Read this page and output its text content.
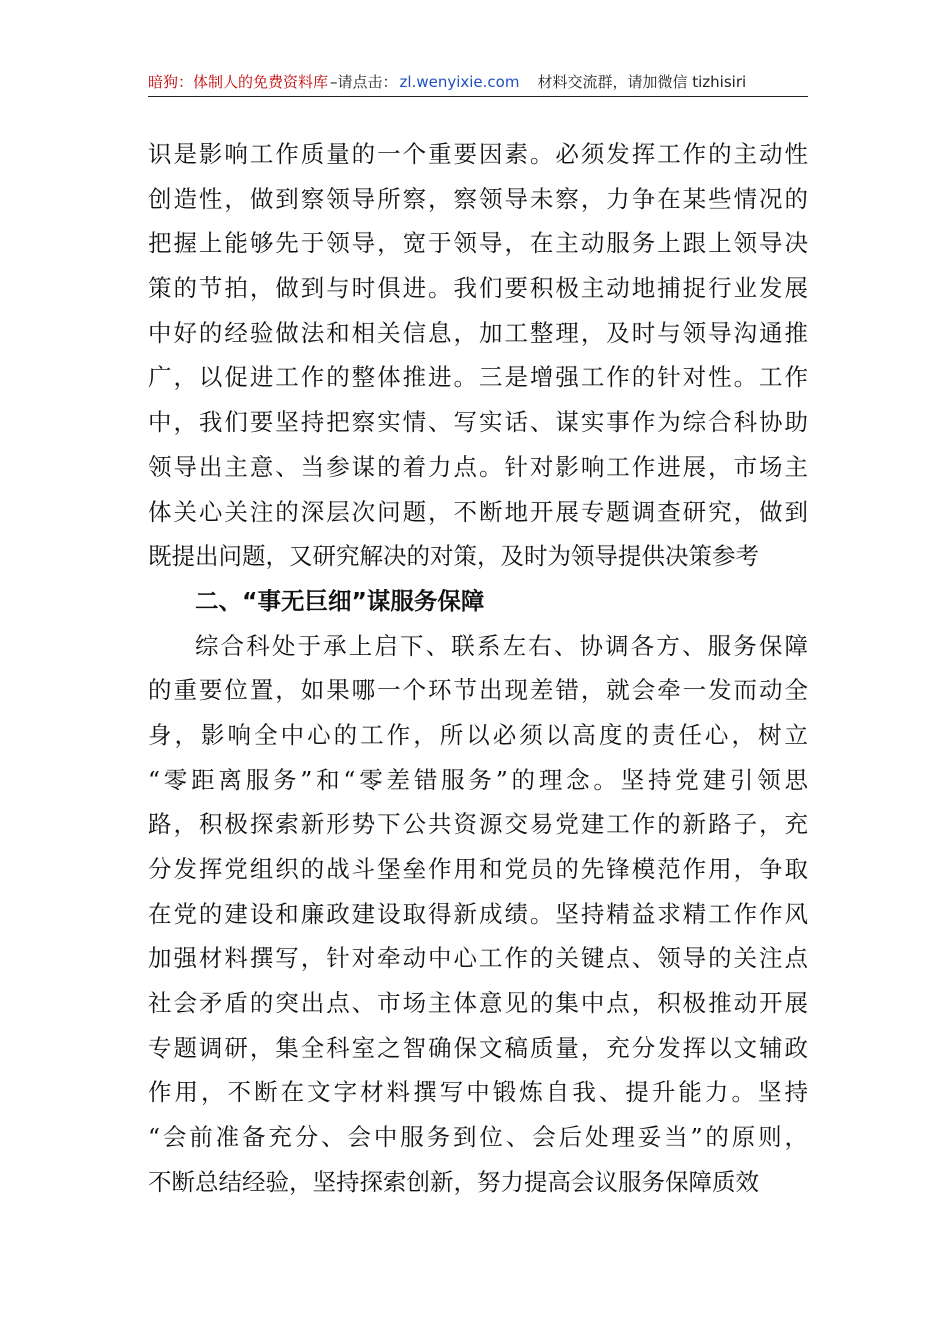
暗狗：体制人的免费资料库 –请点击： zl.wenyixie.com 材料交流群，请加微信 tizhisiri
识是影响工作质量的一个重要因素。必须发挥工作的主动性
创造性，做到察领导所察，察领导未察，力争在某些情况的
把握上能够先于领导，宽于领导，在主动服务上跟上领导决
策的节拍，做到与时俱进。我们要积极主动地捕捉行业发展
中好的经验做法和相关信息，加工整理，及时与领导沟通推
广，以促进工作的整体推进。三是增强工作的针对性。工作
中，我们要坚持把察实情、写实话、谋实事作为综合科协助
领导出主意、当参谋的着力点。针对影响工作进展，市场主
体关心关注的深层次问题，不断地开展专题调查研究，做到
既提出问题，又研究解决的对策，及时为领导提供决策参考
二、“事无巨细”谋服务保障
综合科处于承上启下、联系左右、协调各方、服务保障
的重要位置，如果哪一个环节出现差错，就会牵一发而动全
身，影响全中心的工作，所以必须以高度的责任心，树立
“零距离服务”和“零差错服务”的理念。坚持党建引领思
路，积极探索新形势下公共资源交易党建工作的新路子，充
分发挥党组织的战斗堡垒作用和党员的先锋模范作用，争取
在党的建设和廉政建设取得新成绩。坚持精益求精工作作风
加强材料撰写，针对牵动中心工作的关键点、领导的关注点
社会矛盾的突出点、市场主体意见的集中点，积极推动开展
专题调研，集全科室之智确保文稿质量，充分发挥以文辅政
作用，不断在文字材料撰写中锻炼自我、提升能力。坚持
“会前准备充分、会中服务到位、会后处理妥当”的原则，
不断总结经验，坚持探索创新，努力提高会议服务保障质效
